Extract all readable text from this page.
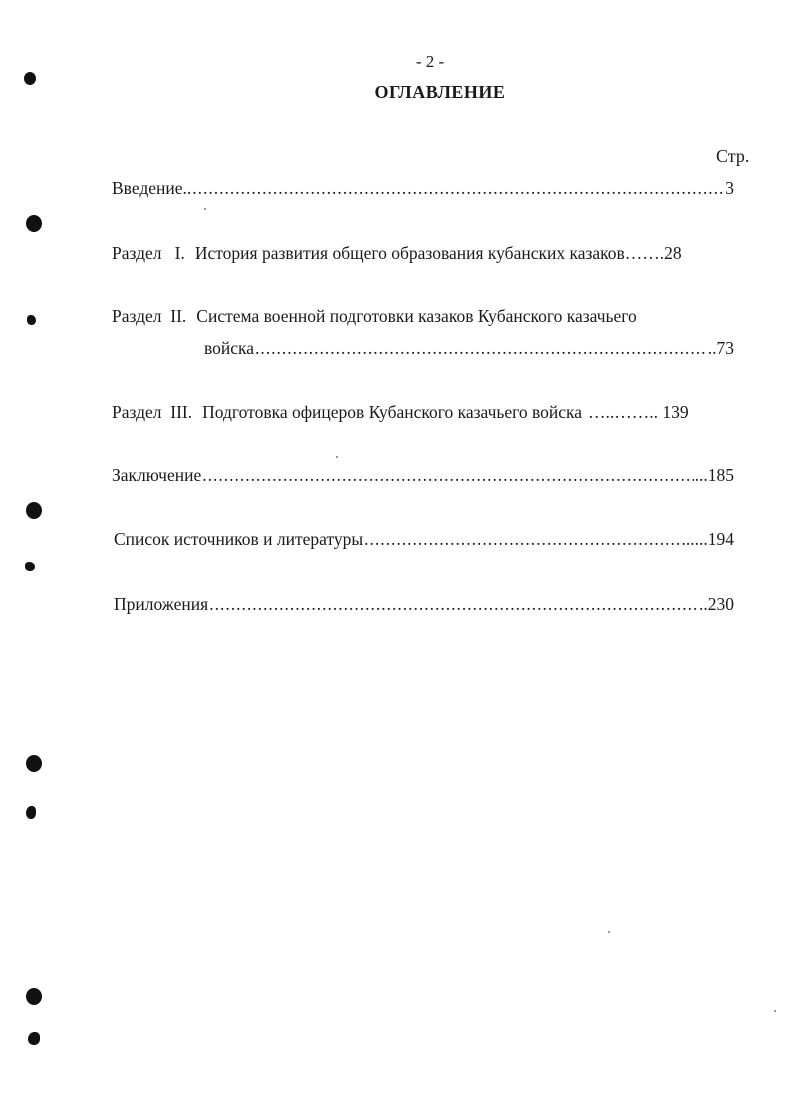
- 2 -
ОГЛАВЛЕНИЕ
Стр.
Введение.. .....	3
Раздел   I. История развития общего образования кубанских казаков …….28
Раздел  II. Система военной подготовки казаков Кубанского казачьего
войска .....	..73
Раздел  III. Подготовка офицеров Кубанского казачьего войска …..…….. 139
Заключение .....	...185
Список источников и литературы .....	......194
Приложения .....	..230
